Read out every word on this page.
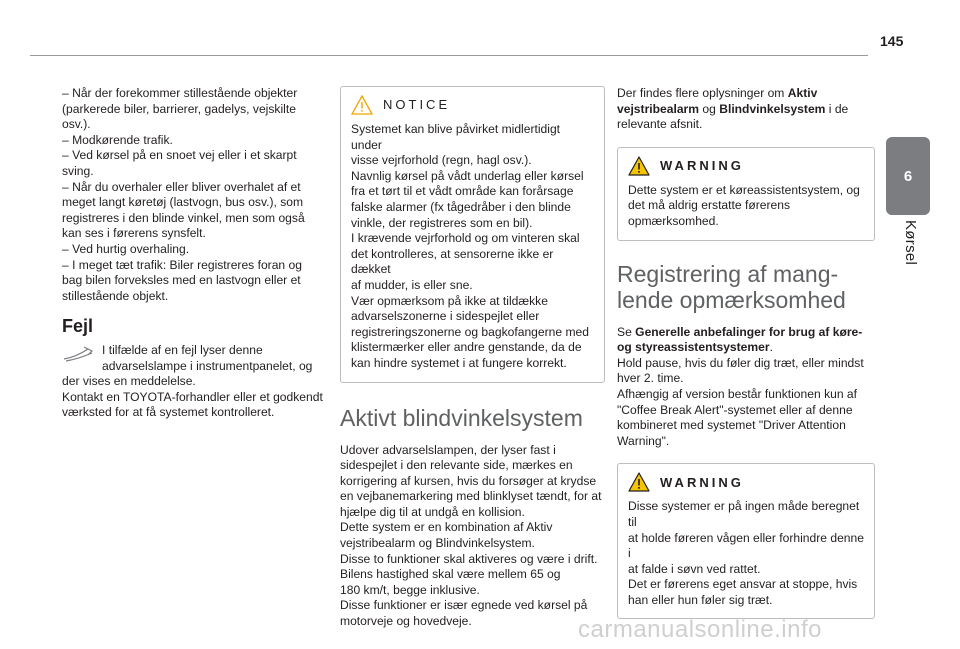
145
6
Kørsel

– Når der forekommer stillestående objekter

(parkerede biler, barrierer, gadelys, vejskilte

osv.).

– Modkørende trafik.

– Ved kørsel på en snoet vej eller i et skarpt

sving.

– Når du overhaler eller bliver overhalet af et

meget langt køretøj (lastvogn, bus osv.), som

registreres i den blinde vinkel, men som også

kan ses i førerens synsfelt.

– Ved hurtig overhaling.

– I meget tæt trafik: Biler registreres foran og

bag bilen forveksles med en lastvogn eller et

stillestående objekt.

Fejl

I tilfælde af en fejl lyser denne

advarselslampe i instrumentpanelet, og

der vises en meddelelse.

Kontakt en TOYOTA-forhandler eller et godkendt

værksted for at få systemet kontrolleret.

NOTICE

Systemet kan blive påvirket midlertidigt under

visse vejrforhold (regn, hagl osv.).

Navnlig kørsel på vådt underlag eller kørsel

fra et tørt til et vådt område kan forårsage

falske alarmer (fx tågedråber i den blinde

vinkle, der registreres som en bil).

I krævende vejrforhold og om vinteren skal

det kontrolleres, at sensorerne ikke er dækket

af mudder, is eller sne.

Vær opmærksom på ikke at tildække

advarselszonerne i sidespejlet eller

registreringszonerne og bagkofangerne med

klistermærker eller andre genstande, da de

kan hindre systemet i at fungere korrekt.

Aktivt blindvinkelsystem

Udover advarselslampen, der lyser fast i

sidespejlet i den relevante side, mærkes en

korrigering af kursen, hvis du forsøger at krydse

en vejbanemarkering med blinklyset tændt, for at

hjælpe dig til at undgå en kollision.

Dette system er en kombination af Aktiv

vejstribealarm og Blindvinkelsystem.

Disse to funktioner skal aktiveres og være i drift.

Bilens hastighed skal være mellem 65 og

180 km/t, begge inklusive.

Disse funktioner er især egnede ved kørsel på

motorveje og hovedveje.

Der findes flere oplysninger om Aktiv vejstribealarm og Blindvinkelsystem i de relevante afsnit.

WARNING

Dette system er et køreassistentsystem, og

det må aldrig erstatte førerens

opmærksomhed.

Registrering af mang-
lende opmærksomhed

Se Generelle anbefalinger for brug af køre- og styreassistentsystemer.

Hold pause, hvis du føler dig træt, eller mindst

hver 2. time.

Afhængig af version består funktionen kun af

"Coffee Break Alert"-systemet eller af denne

kombineret med systemet "Driver Attention

Warning".

WARNING

Disse systemer er på ingen måde beregnet til

at holde føreren vågen eller forhindre denne i

at falde i søvn ved rattet.

Det er førerens eget ansvar at stoppe, hvis

han eller hun føler sig træt.

carmanualsonline.info
